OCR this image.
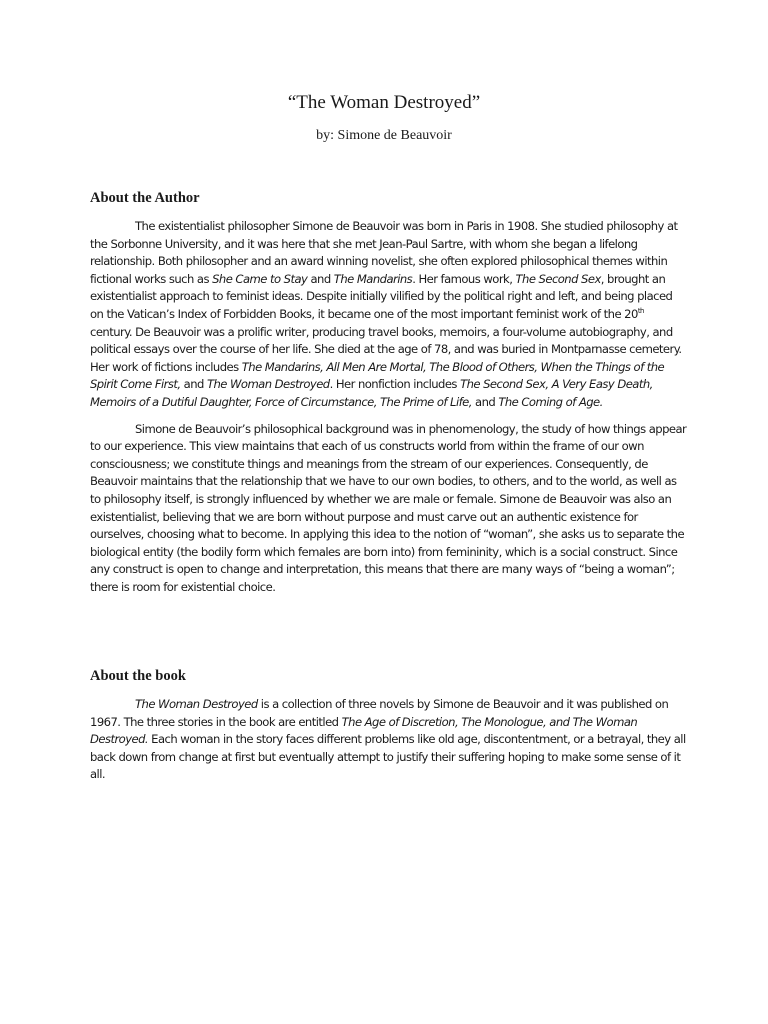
“The Woman Destroyed”
by: Simone de Beauvoir
About the Author

The existentialist philosopher Simone de Beauvoir was born in Paris in 1908. She studied philosophy at the Sorbonne University, and it was here that she met Jean-Paul Sartre, with whom she began a lifelong relationship. Both philosopher and an award winning novelist, she often explored philosophical themes within fictional works such as She Came to Stay and The Mandarins. Her famous work, The Second Sex, brought an existentialist approach to feminist ideas. Despite initially vilified by the political right and left, and being placed on the Vatican’s Index of Forbidden Books, it became one of the most important feminist work of the 20th century. De Beauvoir was a prolific writer, producing travel books, memoirs, a four-volume autobiography, and political essays over the course of her life. She died at the age of 78, and was buried in Montparnasse cemetery. Her work of fictions includes The Mandarins, All Men Are Mortal, The Blood of Others, When the Things of the Spirit Come First, and The Woman Destroyed. Her nonfiction includes The Second Sex, A Very Easy Death, Memoirs of a Dutiful Daughter, Force of Circumstance, The Prime of Life, and The Coming of Age.

Simone de Beauvoir’s philosophical background was in phenomenology, the study of how things appear to our experience. This view maintains that each of us constructs world from within the frame of our own consciousness; we constitute things and meanings from the stream of our experiences. Consequently, de Beauvoir maintains that the relationship that we have to our own bodies, to others, and to the world, as well as to philosophy itself, is strongly influenced by whether we are male or female. Simone de Beauvoir was also an existentialist, believing that we are born without purpose and must carve out an authentic existence for ourselves, choosing what to become. In applying this idea to the notion of “woman”, she asks us to separate the biological entity (the bodily form which females are born into) from femininity, which is a social construct. Since any construct is open to change and interpretation, this means that there are many ways of “being a woman”; there is room for existential choice.

About the book

The Woman Destroyed is a collection of three novels by Simone de Beauvoir and it was published on 1967. The three stories in the book are entitled The Age of Discretion, The Monologue, and The Woman Destroyed. Each woman in the story faces different problems like old age, discontentment, or a betrayal, they all back down from change at first but eventually attempt to justify their suffering hoping to make some sense of it all.
